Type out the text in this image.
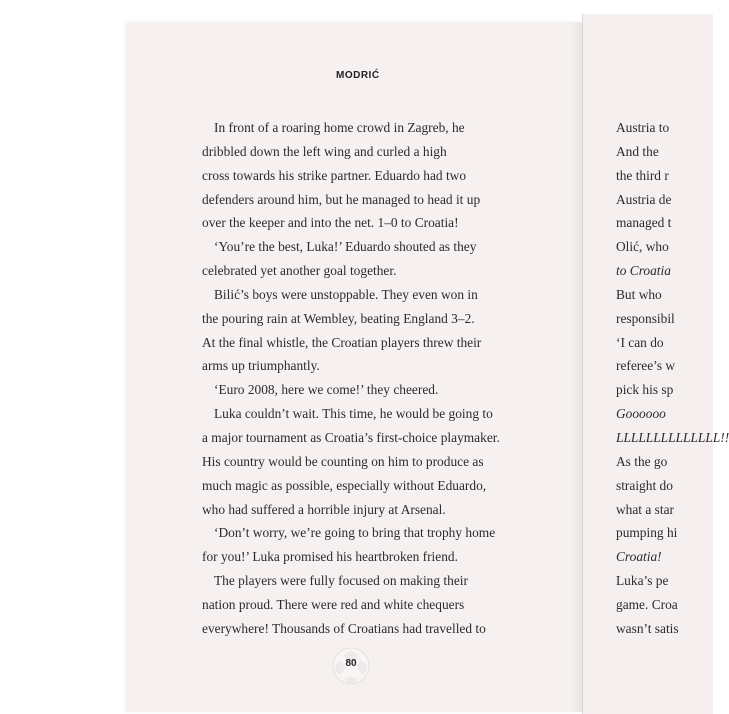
MODRIĆ
In front of a roaring home crowd in Zagreb, he
dribbled down the left wing and curled a high
cross towards his strike partner. Eduardo had two
defenders around him, but he managed to head it up
over the keeper and into the net. 1–0 to Croatia!
‘You’re the best, Luka!’ Eduardo shouted as they
celebrated yet another goal together.
Bilić’s boys were unstoppable. They even won in
the pouring rain at Wembley, beating England 3–2.
At the final whistle, the Croatian players threw their
arms up triumphantly.
‘Euro 2008, here we come!’ they cheered.
Luka couldn’t wait. This time, he would be going to
a major tournament as Croatia’s first-choice playmaker.
His country would be counting on him to produce as
much magic as possible, especially without Eduardo,
who had suffered a horrible injury at Arsenal.
‘Don’t worry, we’re going to bring that trophy home
for you!’ Luka promised his heartbroken friend.
The players were fully focused on making their
nation proud. There were red and white chequers
everywhere! Thousands of Croatians had travelled to
Austria to
And the
the third r
Austria de
managed t
Olić, who
to Croatia
But who
responsibil
‘I can do
referee’s w
pick his sp
Goooooo
LLLLLLLLLLLLLL!!
As the go
straight do
what a star
pumping hi
Croatia!
Luka’s pe
game. Croa
wasn’t satis
80
